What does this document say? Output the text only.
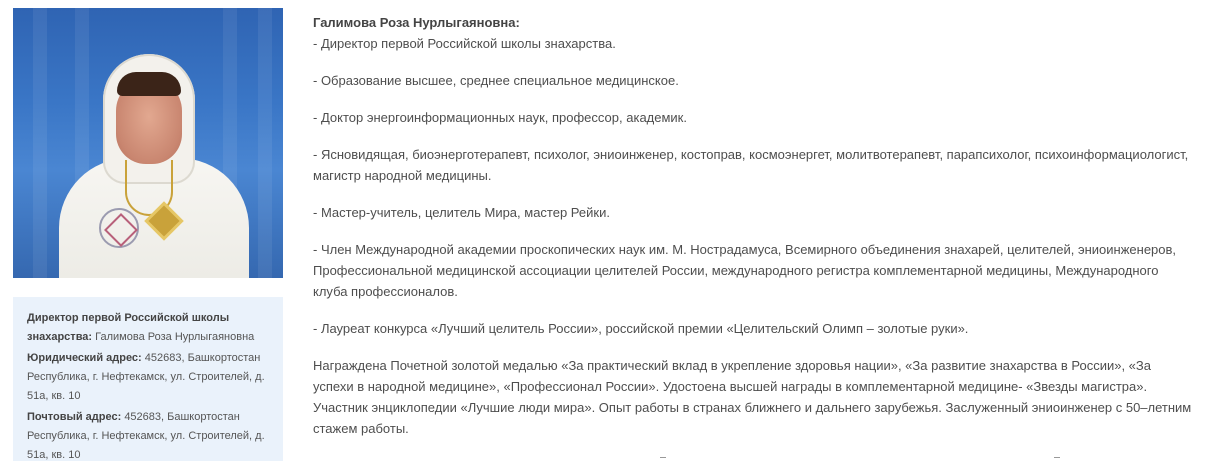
Директор первой Российской школы знахарства: Галимова Роза Нурлыгаяновна

Юридический адрес: 452683, Башкортостан Республика, г. Нефтекамск, ул. Строителей, д. 51а, кв. 10

Почтовый адрес: 452683, Башкортостан Республика, г. Нефтекамск, ул. Строителей, д. 51а, кв. 10

Галимова Роза Нурлыгаяновна:

- Директор первой Российской школы знахарства.

- Образование высшее, среднее специальное медицинское.

- Доктор энергоинформационных наук, профессор, академик.

- Ясновидящая, биоэнерготерапевт, психолог, эниоинженер, костоправ, космоэнергет, молитвотерапевт, парапсихолог, психоинформациологист, магистр народной медицины.

- Мастер-учитель, целитель Мира, мастер Рейки.

- Член Международной академии проскопических наук им. М. Нострадамуса, Всемирного объединения знахарей, целителей, эниоинженеров, Профессиональной медицинской ассоциации целителей России, международного регистра комплементарной медицины, Международного клуба профессионалов.

- Лауреат конкурса «Лучший целитель России», российской премии «Целительский Олимп – золотые руки».

Награждена Почетной золотой медалью «За практический вклад в укрепление здоровья нации», «За развитие знахарства в России», «За успехи в народной медицине», «Профессионал России». Удостоена высшей награды в комплементарной медицине- «Звезды магистра». Участник энциклопедии «Лучшие люди мира». Опыт работы в странах ближнего и дальнего зарубежья. Заслуженный эниоинженер с 50–летним стажем работы.
